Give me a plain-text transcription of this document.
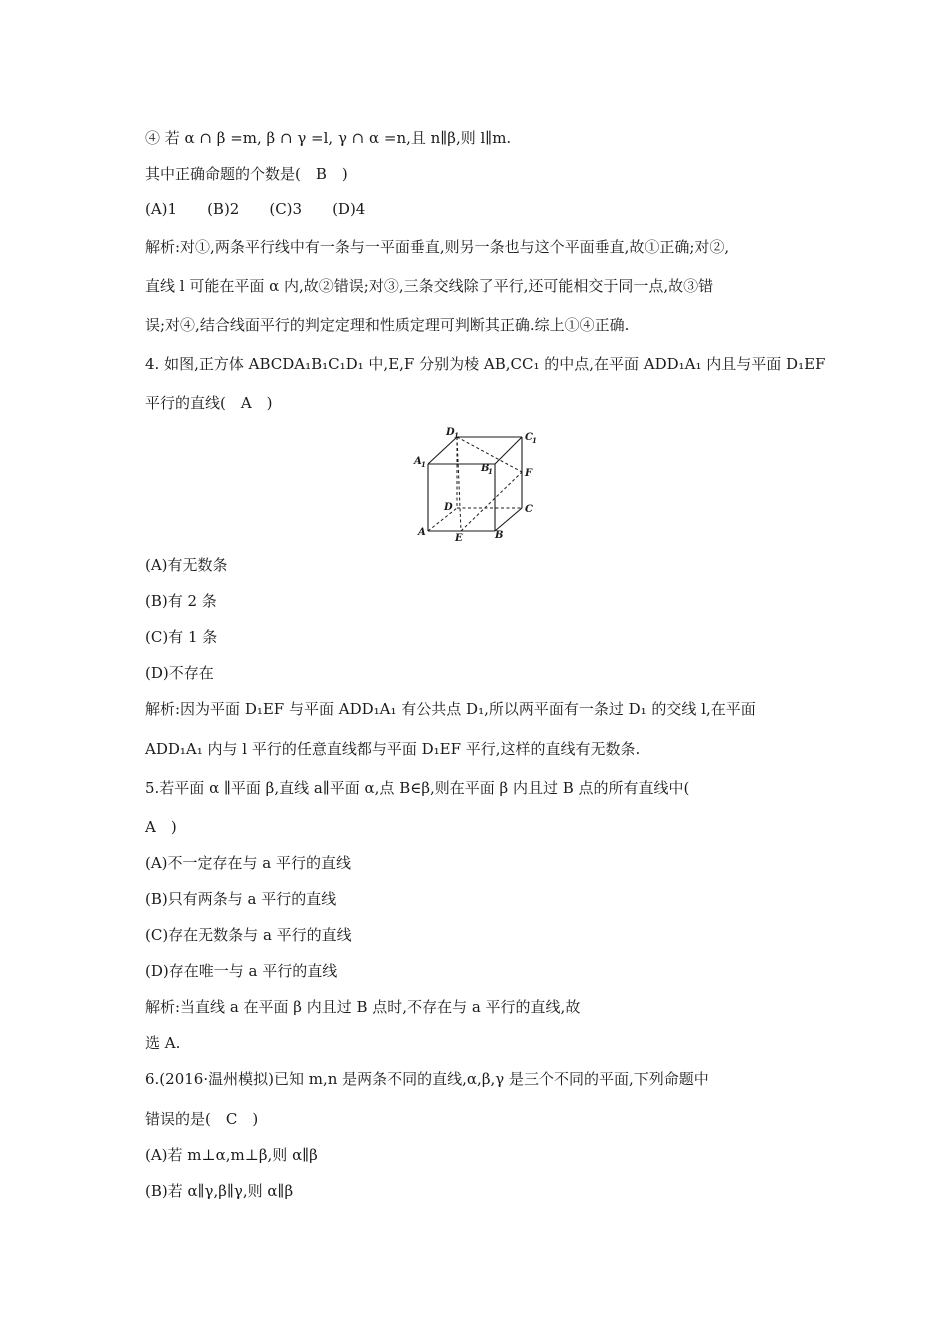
④ 若 α ∩ β =m, β ∩ γ =l, γ ∩ α =n,且 n∥β,则 l∥m.

其中正确命题的个数是(　B　)

(A)1　　(B)2　　(C)3　　(D)4

解析:对①,两条平行线中有一条与一平面垂直,则另一条也与这个平面垂直,故①正确;对②,

直线 l 可能在平面 α 内,故②错误;对③,三条交线除了平行,还可能相交于同一点,故③错

误;对④,结合线面平行的判定定理和性质定理可判断其正确.综上①④正确.

4. 如图,正方体 ABCDA₁B₁C₁D₁ 中,E,F 分别为棱 AB,CC₁ 的中点,在平面 ADD₁A₁ 内且与平面 D₁EF

平行的直线(　A　)

D 1	C 1
A 1	B
1	F
D	C
A
E	B

(A)有无数条

(B)有 2 条

(C)有 1 条

(D)不存在

解析:因为平面 D₁EF 与平面 ADD₁A₁ 有公共点 D₁,所以两平面有一条过 D₁ 的交线 l,在平面

ADD₁A₁ 内与 l 平行的任意直线都与平面 D₁EF 平行,这样的直线有无数条.

5.若平面 α ∥平面 β,直线 a∥平面 α,点 B∈β,则在平面 β 内且过 B 点的所有直线中(

A　)

(A)不一定存在与 a 平行的直线

(B)只有两条与 a 平行的直线

(C)存在无数条与 a 平行的直线

(D)存在唯一与 a 平行的直线

解析:当直线 a 在平面 β 内且过 B 点时,不存在与 a 平行的直线,故

选 A.

6.(2016·温州模拟)已知 m,n 是两条不同的直线,α,β,γ 是三个不同的平面,下列命题中

错误的是(　C　)

(A)若 m⊥α,m⊥β,则 α∥β

(B)若 α∥γ,β∥γ,则 α∥β
